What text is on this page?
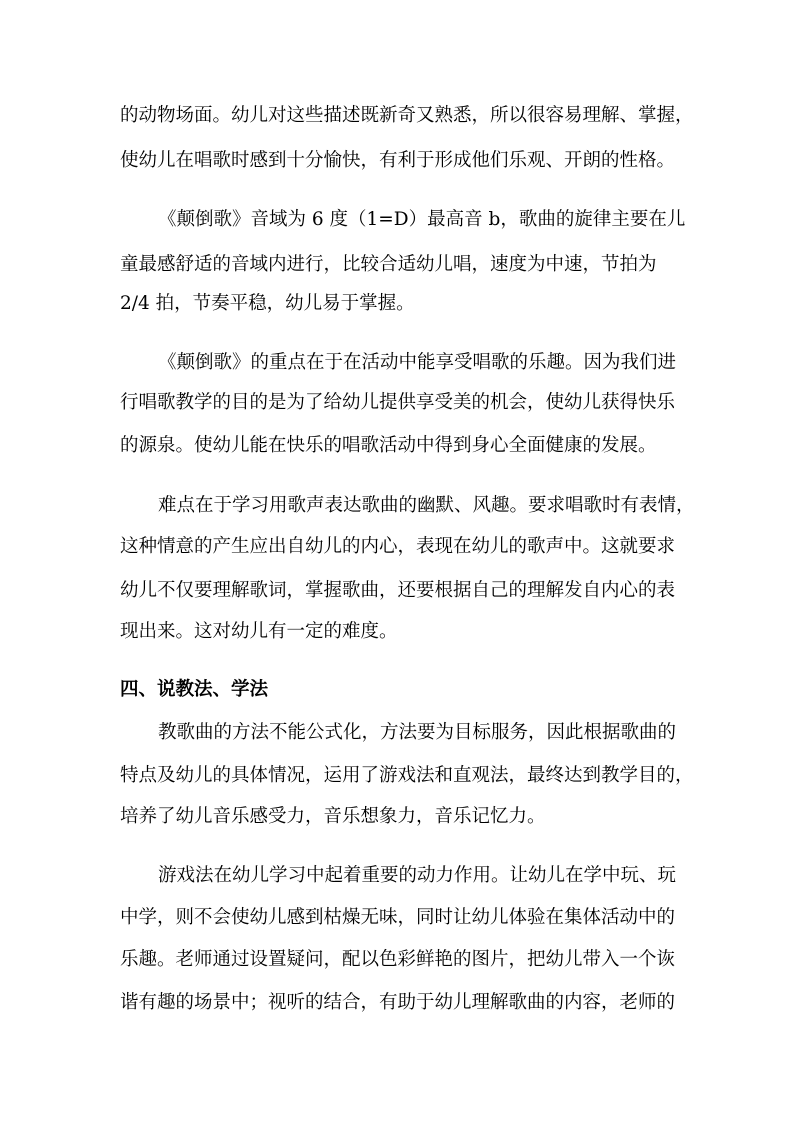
的动物场面。幼儿对这些描述既新奇又熟悉，所以很容易理解、掌握，
使幼儿在唱歌时感到十分愉快，有利于形成他们乐观、开朗的性格。
《颠倒歌》音域为 6 度（1=D）最高音 b，歌曲的旋律主要在儿
童最感舒适的音域内进行，比较合适幼儿唱，速度为中速，节拍为
2/4 拍，节奏平稳，幼儿易于掌握。
《颠倒歌》的重点在于在活动中能享受唱歌的乐趣。因为我们进
行唱歌教学的目的是为了给幼儿提供享受美的机会，使幼儿获得快乐
的源泉。使幼儿能在快乐的唱歌活动中得到身心全面健康的发展。
难点在于学习用歌声表达歌曲的幽默、风趣。要求唱歌时有表情，
这种情意的产生应出自幼儿的内心，表现在幼儿的歌声中。这就要求
幼儿不仅要理解歌词，掌握歌曲，还要根据自己的理解发自内心的表
现出来。这对幼儿有一定的难度。
四、说教法、学法
教歌曲的方法不能公式化，方法要为目标服务，因此根据歌曲的
特点及幼儿的具体情况，运用了游戏法和直观法，最终达到教学目的，
培养了幼儿音乐感受力，音乐想象力，音乐记忆力。
游戏法在幼儿学习中起着重要的动力作用。让幼儿在学中玩、玩
中学，则不会使幼儿感到枯燥无味，同时让幼儿体验在集体活动中的
乐趣。老师通过设置疑问，配以色彩鲜艳的图片，把幼儿带入一个诙
谐有趣的场景中；视听的结合，有助于幼儿理解歌曲的内容，老师的
